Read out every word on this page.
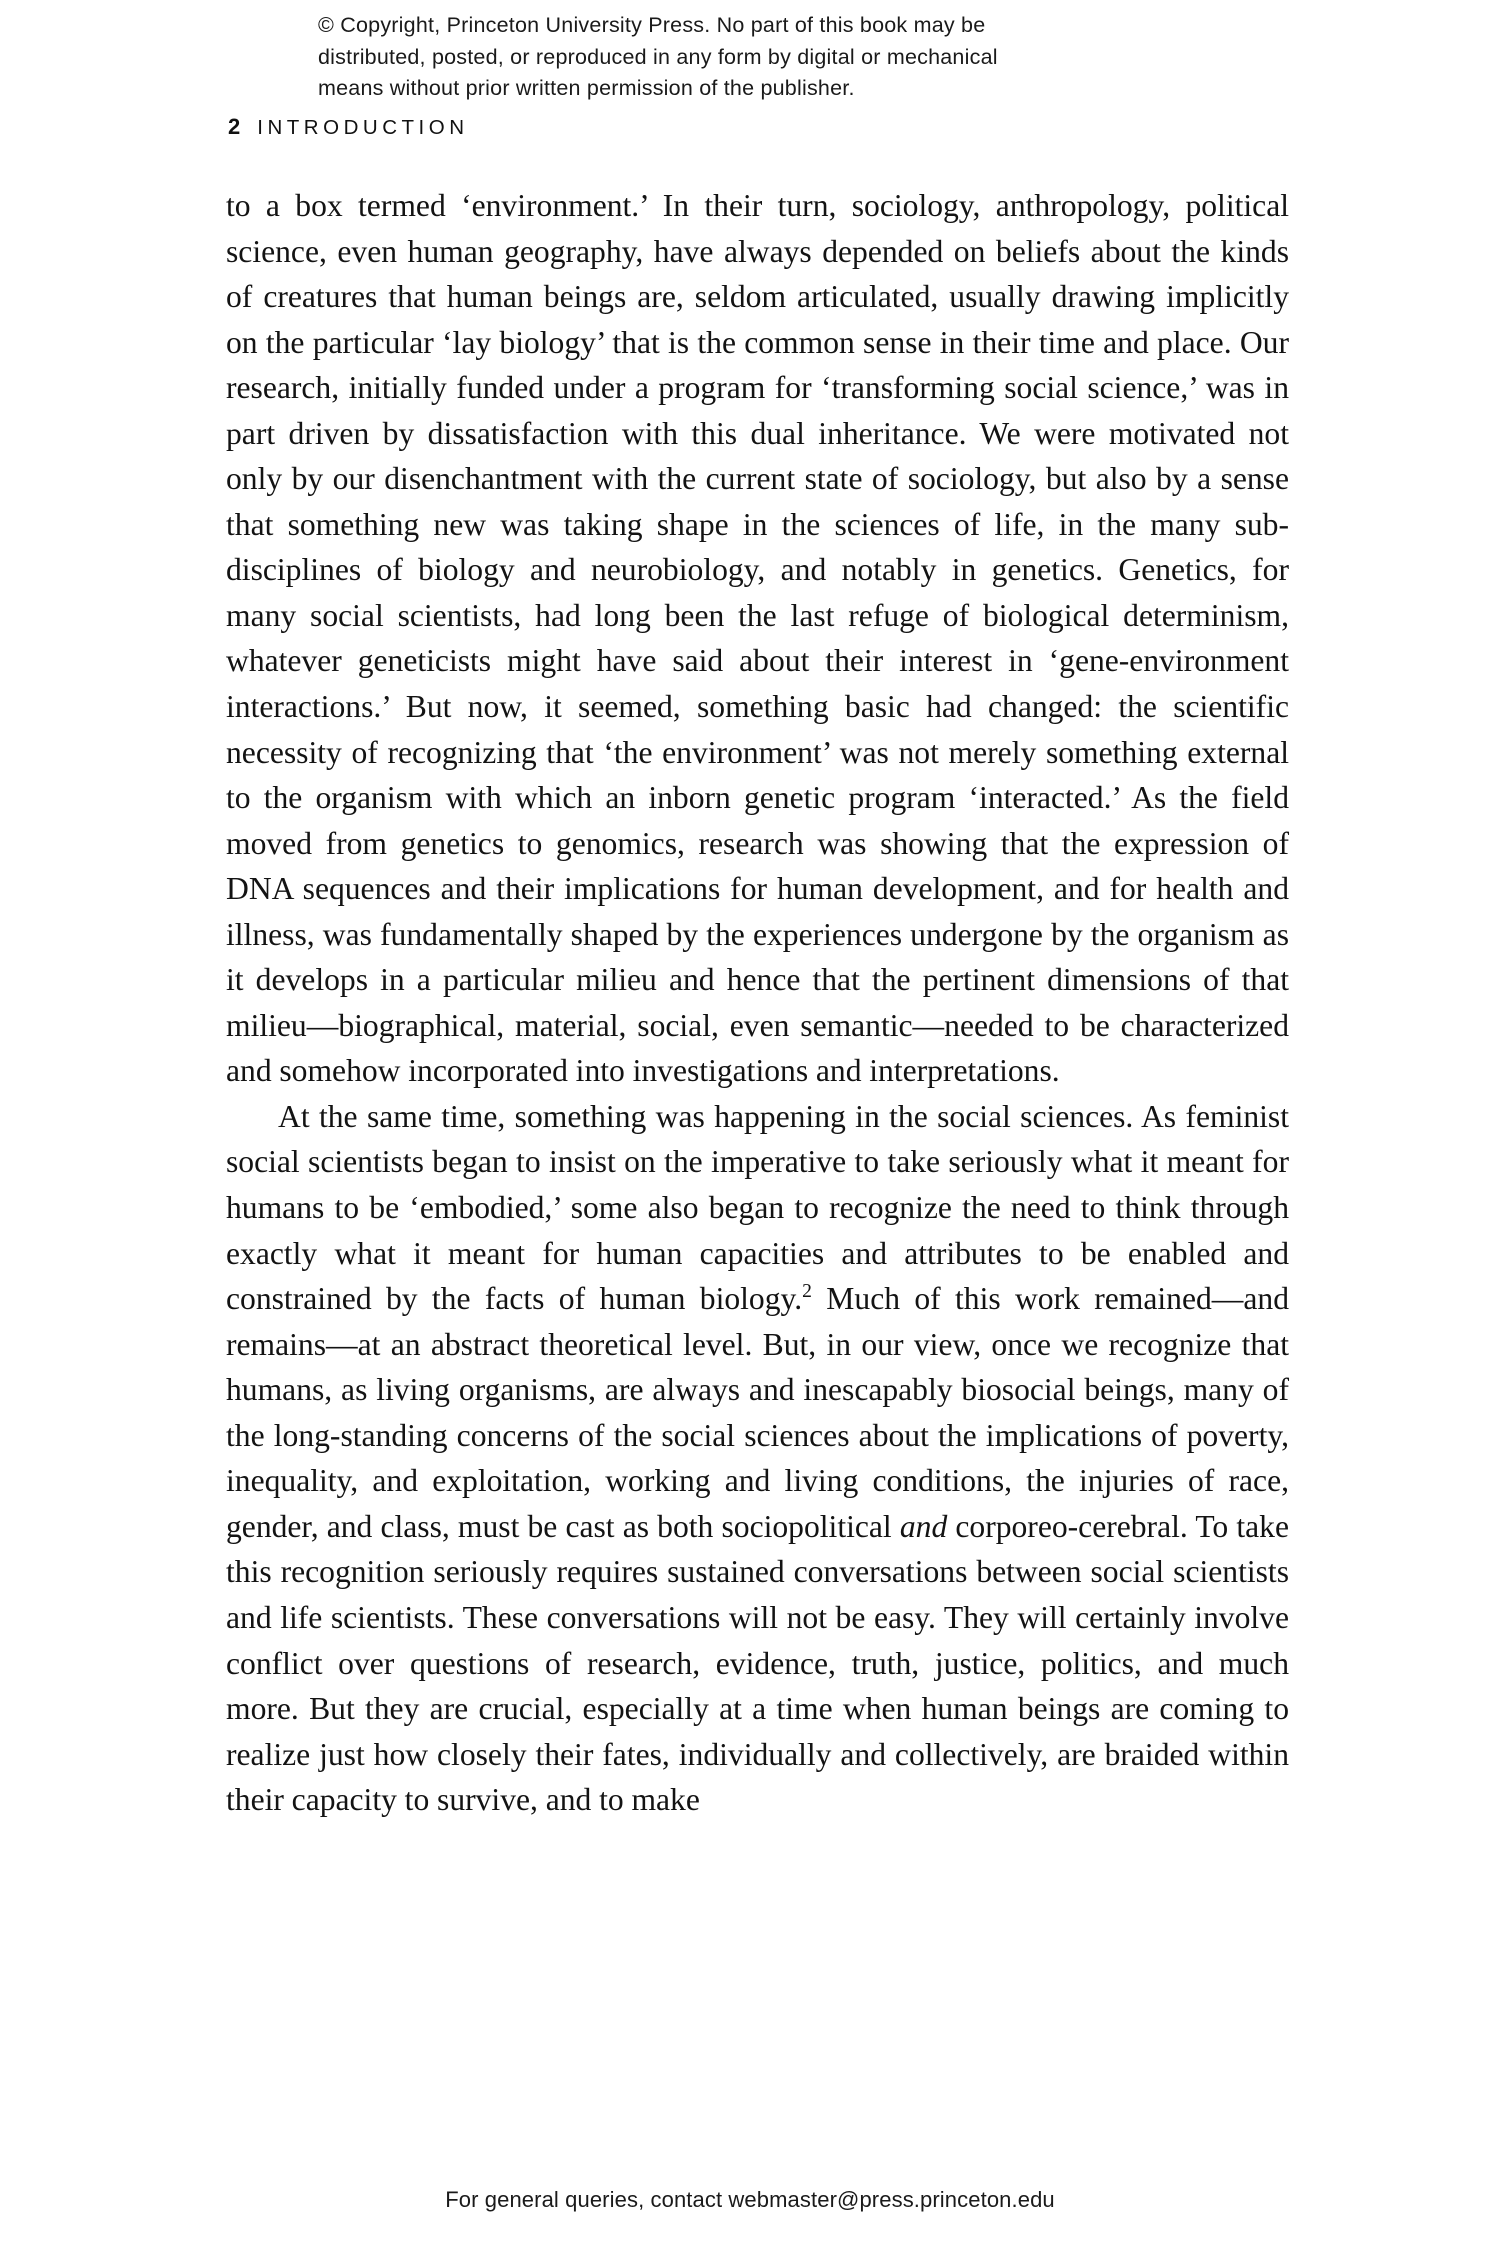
© Copyright, Princeton University Press. No part of this book may be
distributed, posted, or reproduced in any form by digital or mechanical
means without prior written permission of the publisher.
2 INTRODUCTION

to a box termed ‘environment.’ In their turn, sociology, anthropology, political science, even human geography, have always depended on beliefs about the kinds of creatures that human beings are, seldom articulated, usually drawing implicitly on the particular ‘lay biology’ that is the common sense in their time and place. Our research, initially funded under a program for ‘transforming social science,’ was in part driven by dissatisfaction with this dual inheritance. We were motivated not only by our disenchantment with the current state of sociology, but also by a sense that something new was taking shape in the sciences of life, in the many sub-disciplines of biology and neurobiology, and notably in genetics. Genetics, for many social scientists, had long been the last refuge of biological determinism, whatever geneticists might have said about their interest in ‘gene-environment interactions.’ But now, it seemed, something basic had changed: the scientific necessity of recognizing that ‘the environment’ was not merely something external to the organism with which an inborn genetic program ‘interacted.’ As the field moved from genetics to genomics, research was showing that the expression of DNA sequences and their implications for human development, and for health and illness, was fundamentally shaped by the experiences undergone by the organism as it develops in a particular milieu and hence that the pertinent dimensions of that milieu—biographical, material, social, even semantic—needed to be characterized and somehow incorporated into investigations and interpretations.

At the same time, something was happening in the social sciences. As feminist social scientists began to insist on the imperative to take seriously what it meant for humans to be ‘embodied,’ some also began to recognize the need to think through exactly what it meant for human capacities and attributes to be enabled and constrained by the facts of human biology.$^2$ Much of this work remained—and remains—at an abstract theoretical level. But, in our view, once we recognize that humans, as living organisms, are always and inescapably biosocial beings, many of the long-standing concerns of the social sciences about the implications of poverty, inequality, and exploitation, working and living conditions, the injuries of race, gender, and class, must be cast as both sociopolitical and corporeo-cerebral. To take this recognition seriously requires sustained conversations between social scientists and life scientists. These conversations will not be easy. They will certainly involve conflict over questions of research, evidence, truth, justice, politics, and much more. But they are crucial, especially at a time when human beings are coming to realize just how closely their fates, individually and collectively, are braided within their capacity to survive, and to make

For general queries, contact webmaster@press.princeton.edu
